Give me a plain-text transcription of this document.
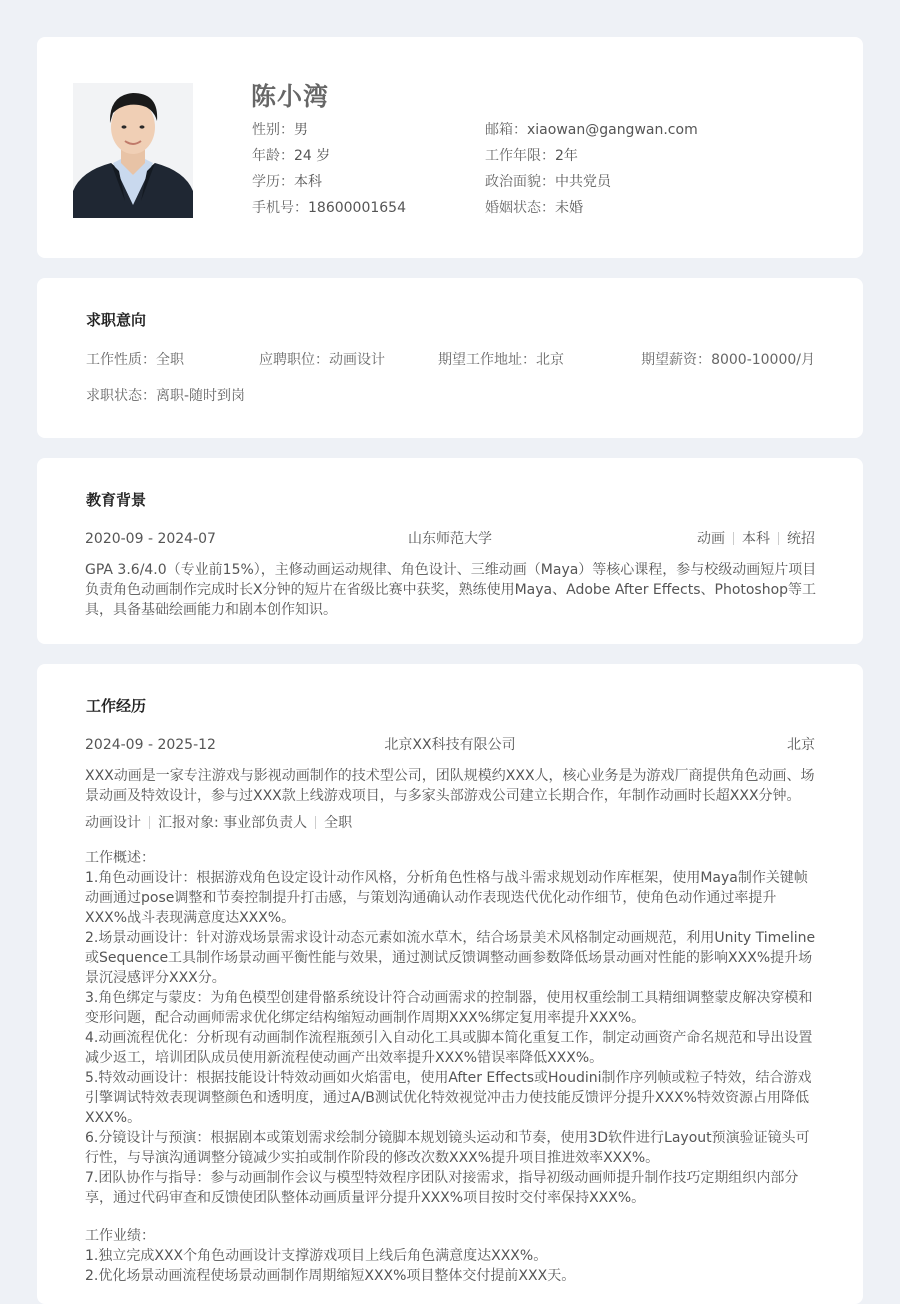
陈小湾
性别：男
年龄：24 岁
学历：本科
手机号：18600001654
邮箱：xiaowan@gangwan.com
工作年限：2年
政治面貌：中共党员
婚姻状态：未婚
求职意向
工作性质：全职	应聘职位：动画设计	期望工作地址：北京	期望薪资：8000-10000/月
求职状态：离职-随时到岗
教育背景
2020-09 - 2024-07	山东师范大学	动画 本科 统招
GPA 3.6/4.0（专业前15%），主修动画运动规律、角色设计、三维动画（Maya）等核心课程，参与校级动画短片项目负责角色动画制作完成时长X分钟的短片在省级比赛中获奖，熟练使用Maya、Adobe After Effects、Photoshop等工具，具备基础绘画能力和剧本创作知识。
工作经历
2024-09 - 2025-12	北京XX科技有限公司	北京
XXX动画是一家专注游戏与影视动画制作的技术型公司，团队规模约XXX人，核心业务是为游戏厂商提供角色动画、场景动画及特效设计，参与过XXX款上线游戏项目，与多家头部游戏公司建立长期合作，年制作动画时长超XXX分钟。
动画设计 汇报对象: 事业部负责人 全职
工作概述：
1.角色动画设计：根据游戏角色设定设计动作风格，分析角色性格与战斗需求规划动作库框架，使用Maya制作关键帧动画通过pose调整和节奏控制提升打击感，与策划沟通确认动作表现迭代优化动作细节，使角色动作通过率提升XXX%战斗表现满意度达XXX%。
2.场景动画设计：针对游戏场景需求设计动态元素如流水草木，结合场景美术风格制定动画规范，利用Unity Timeline或Sequence工具制作场景动画平衡性能与效果，通过测试反馈调整动画参数降低场景动画对性能的影响XXX%提升场景沉浸感评分XXX分。
3.角色绑定与蒙皮：为角色模型创建骨骼系统设计符合动画需求的控制器，使用权重绘制工具精细调整蒙皮解决穿模和变形问题，配合动画师需求优化绑定结构缩短动画制作周期XXX%绑定复用率提升XXX%。
4.动画流程优化：分析现有动画制作流程瓶颈引入自动化工具或脚本简化重复工作，制定动画资产命名规范和导出设置减少返工，培训团队成员使用新流程使动画产出效率提升XXX%错误率降低XXX%。
5.特效动画设计：根据技能设计特效动画如火焰雷电，使用After Effects或Houdini制作序列帧或粒子特效，结合游戏引擎调试特效表现调整颜色和透明度，通过A/B测试优化特效视觉冲击力使技能反馈评分提升XXX%特效资源占用降低XXX%。
6.分镜设计与预演：根据剧本或策划需求绘制分镜脚本规划镜头运动和节奏，使用3D软件进行Layout预演验证镜头可行性，与导演沟通调整分镜减少实拍或制作阶段的修改次数XXX%提升项目推进效率XXX%。
7.团队协作与指导：参与动画制作会议与模型特效程序团队对接需求，指导初级动画师提升制作技巧定期组织内部分享，通过代码审查和反馈使团队整体动画质量评分提升XXX%项目按时交付率保持XXX%。
工作业绩：
1.独立完成XXX个角色动画设计支撑游戏项目上线后角色满意度达XXX%。
2.优化场景动画流程使场景动画制作周期缩短XXX%项目整体交付提前XXX天。
